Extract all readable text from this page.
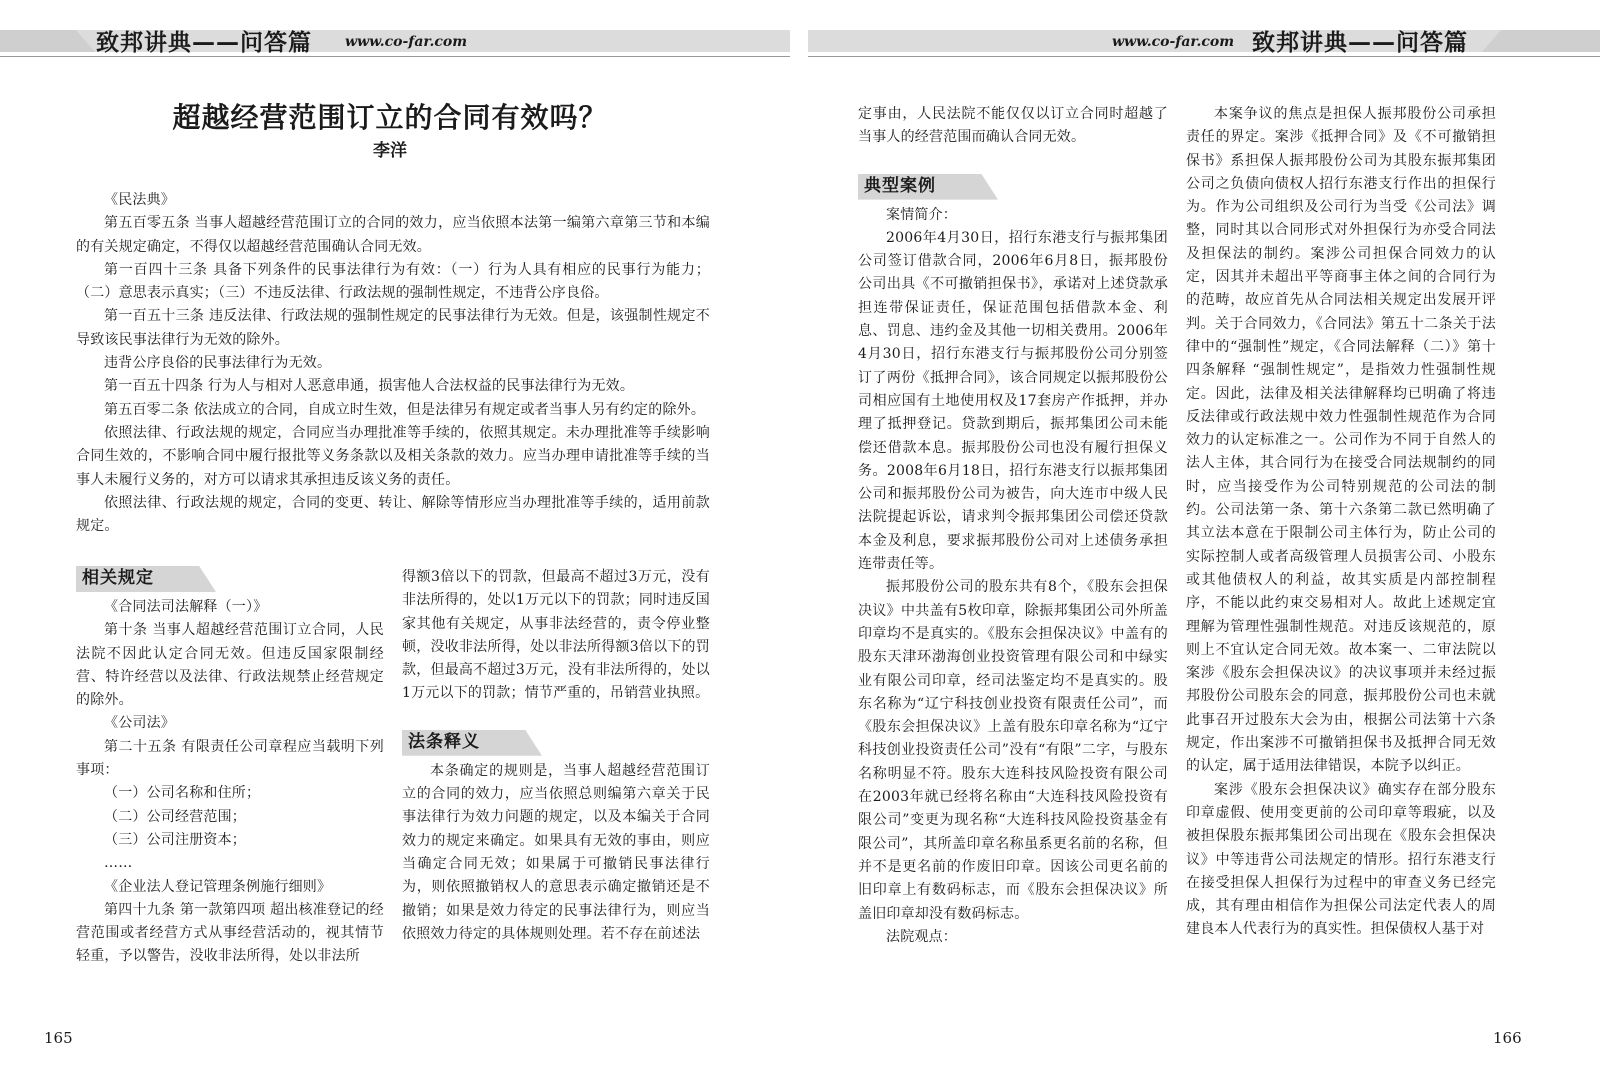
致邦讲典——问答篇 www.co-far.com	www.co-far.com 致邦讲典——问答篇
超越经营范围订立的合同有效吗？
李洋

《民法典》

第五百零五条 当事人超越经营范围订立的合同的效力，应当依照本法第一编第六章第三节和本编的有关规定确定，不得仅以超越经营范围确认合同无效。

第一百四十三条 具备下列条件的民事法律行为有效：（一）行为人具有相应的民事行为能力；（二）意思表示真实；（三）不违反法律、行政法规的强制性规定，不违背公序良俗。

第一百五十三条 违反法律、行政法规的强制性规定的民事法律行为无效。但是，该强制性规定不导致该民事法律行为无效的除外。

违背公序良俗的民事法律行为无效。

第一百五十四条 行为人与相对人恶意串通，损害他人合法权益的民事法律行为无效。

第五百零二条 依法成立的合同，自成立时生效，但是法律另有规定或者当事人另有约定的除外。

依照法律、行政法规的规定，合同应当办理批准等手续的，依照其规定。未办理批准等手续影响合同生效的，不影响合同中履行报批等义务条款以及相关条款的效力。应当办理申请批准等手续的当事人未履行义务的，对方可以请求其承担违反该义务的责任。

依照法律、行政法规的规定，合同的变更、转让、解除等情形应当办理批准等手续的，适用前款规定。

相关规定

《合同法司法解释（一）》

第十条 当事人超越经营范围订立合同，人民法院不因此认定合同无效。但违反国家限制经营、特许经营以及法律、行政法规禁止经营规定的除外。

《公司法》

第二十五条 有限责任公司章程应当载明下列事项：

（一）公司名称和住所；

（二）公司经营范围；

（三）公司注册资本；

……

《企业法人登记管理条例施行细则》

第四十九条 第一款第四项 超出核准登记的经营范围或者经营方式从事经营活动的，视其情节轻重，予以警告，没收非法所得，处以非法所

得额3倍以下的罚款，但最高不超过3万元，没有非法所得的，处以1万元以下的罚款；同时违反国家其他有关规定，从事非法经营的，责令停业整顿，没收非法所得，处以非法所得额3倍以下的罚款，但最高不超过3万元，没有非法所得的，处以1万元以下的罚款；情节严重的，吊销营业执照。

法条释义

本条确定的规则是，当事人超越经营范围订立的合同的效力，应当依照总则编第六章关于民事法律行为效力问题的规定，以及本编关于合同效力的规定来确定。如果具有无效的事由，则应当确定合同无效；如果属于可撤销民事法律行为，则依照撤销权人的意思表示确定撤销还是不撤销；如果是效力待定的民事法律行为，则应当依照效力待定的具体规则处理。若不存在前述法

定事由，人民法院不能仅仅以订立合同时超越了当事人的经营范围而确认合同无效。

典型案例

案情简介：

2006年4月30日，招行东港支行与振邦集团公司签订借款合同，2006年6月8日，振邦股份公司出具《不可撤销担保书》，承诺对上述贷款承担连带保证责任，保证范围包括借款本金、利息、罚息、违约金及其他一切相关费用。2006年4月30日，招行东港支行与振邦股份公司分别签订了两份《抵押合同》，该合同规定以振邦股份公司相应国有土地使用权及17套房产作抵押，并办理了抵押登记。贷款到期后，振邦集团公司未能偿还借款本息。振邦股份公司也没有履行担保义务。2008年6月18日，招行东港支行以振邦集团公司和振邦股份公司为被告，向大连市中级人民法院提起诉讼，请求判令振邦集团公司偿还贷款本金及利息，要求振邦股份公司对上述债务承担连带责任等。

振邦股份公司的股东共有8个，《股东会担保决议》中共盖有5枚印章，除振邦集团公司外所盖印章均不是真实的。《股东会担保决议》中盖有的股东天津环渤海创业投资管理有限公司和中绿实业有限公司印章，经司法鉴定均不是真实的。股东名称为“辽宁科技创业投资有限责任公司”，而《股东会担保决议》上盖有股东印章名称为“辽宁科技创业投资责任公司”没有“有限”二字，与股东名称明显不符。股东大连科技风险投资有限公司在2003年就已经将名称由“大连科技风险投资有限公司”变更为现名称“大连科技风险投资基金有限公司”，其所盖印章名称虽系更名前的名称，但并不是更名前的作废旧印章。因该公司更名前的旧印章上有数码标志，而《股东会担保决议》所盖旧印章却没有数码标志。

法院观点：

本案争议的焦点是担保人振邦股份公司承担责任的界定。案涉《抵押合同》及《不可撤销担保书》系担保人振邦股份公司为其股东振邦集团公司之负债向债权人招行东港支行作出的担保行为。作为公司组织及公司行为当受《公司法》调整，同时其以合同形式对外担保行为亦受合同法及担保法的制约。案涉公司担保合同效力的认定，因其并未超出平等商事主体之间的合同行为的范畴，故应首先从合同法相关规定出发展开评判。关于合同效力，《合同法》第五十二条关于法律中的“强制性”规定，《合同法解释（二）》第十四条解释 “强制性规定”，是指效力性强制性规定。因此，法律及相关法律解释均已明确了将违反法律或行政法规中效力性强制性规范作为合同效力的认定标准之一。公司作为不同于自然人的法人主体，其合同行为在接受合同法规制约的同时，应当接受作为公司特别规范的公司法的制约。公司法第一条、第十六条第二款已然明确了其立法本意在于限制公司主体行为，防止公司的实际控制人或者高级管理人员损害公司、小股东或其他债权人的利益，故其实质是内部控制程序，不能以此约束交易相对人。故此上述规定宜理解为管理性强制性规范。对违反该规范的，原则上不宜认定合同无效。故本案一、二审法院以案涉《股东会担保决议》的决议事项并未经过振邦股份公司股东会的同意，振邦股份公司也未就此事召开过股东大会为由，根据公司法第十六条规定，作出案涉不可撤销担保书及抵押合同无效的认定，属于适用法律错误，本院予以纠正。

案涉《股东会担保决议》确实存在部分股东印章虚假、使用变更前的公司印章等瑕疵，以及被担保股东振邦集团公司出现在《股东会担保决议》中等违背公司法规定的情形。招行东港支行在接受担保人担保行为过程中的审查义务已经完成，其有理由相信作为担保公司法定代表人的周建良本人代表行为的真实性。担保债权人基于对

165	166
